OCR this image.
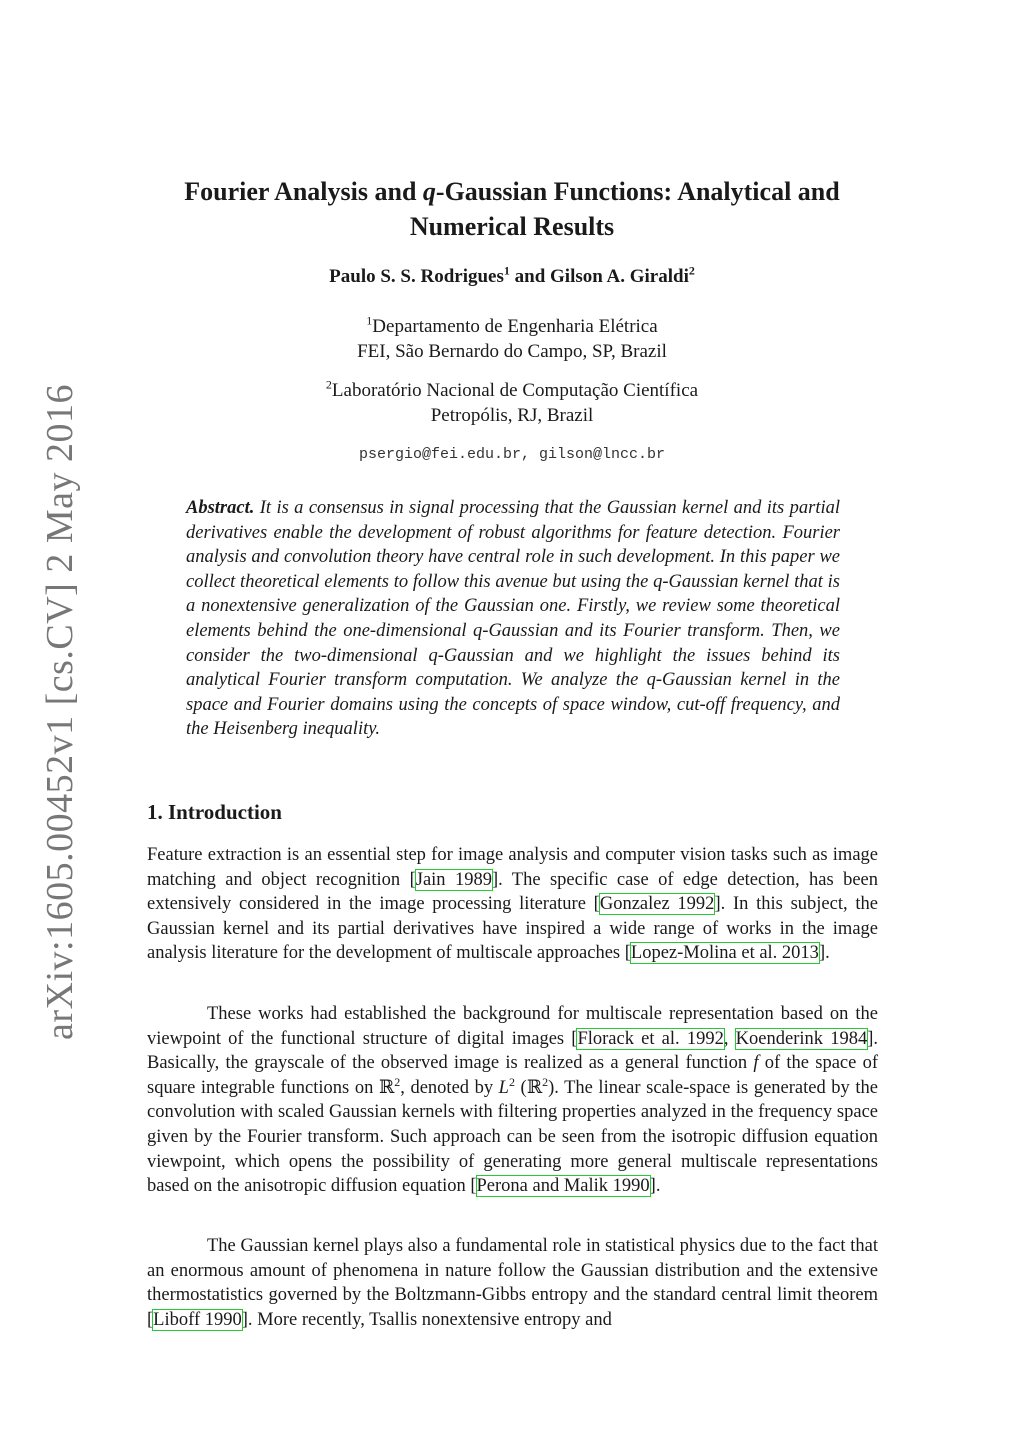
arXiv:1605.00452v1 [cs.CV] 2 May 2016
Fourier Analysis and q-Gaussian Functions: Analytical and Numerical Results
Paulo S. S. Rodrigues$^1$ and Gilson A. Giraldi$^2$
$^1$Departamento de Engenharia Elétrica
FEI, São Bernardo do Campo, SP, Brazil
$^2$Laboratório Nacional de Computação Científica
Petropólis, RJ, Brazil
psergio@fei.edu.br, gilson@lncc.br
Abstract. It is a consensus in signal processing that the Gaussian kernel and its partial derivatives enable the development of robust algorithms for feature detection. Fourier analysis and convolution theory have central role in such development. In this paper we collect theoretical elements to follow this avenue but using the q-Gaussian kernel that is a nonextensive generalization of the Gaussian one. Firstly, we review some theoretical elements behind the one-dimensional q-Gaussian and its Fourier transform. Then, we consider the two-dimensional q-Gaussian and we highlight the issues behind its analytical Fourier transform computation. We analyze the q-Gaussian kernel in the space and Fourier domains using the concepts of space window, cut-off frequency, and the Heisenberg inequality.
1. Introduction
Feature extraction is an essential step for image analysis and computer vision tasks such as image matching and object recognition [Jain 1989]. The specific case of edge detection, has been extensively considered in the image processing literature [Gonzalez 1992]. In this subject, the Gaussian kernel and its partial derivatives have inspired a wide range of works in the image analysis literature for the development of multiscale approaches [Lopez-Molina et al. 2013].
These works had established the background for multiscale representation based on the viewpoint of the functional structure of digital images [Florack et al. 1992, Koenderink 1984]. Basically, the grayscale of the observed image is realized as a general function f of the space of square integrable functions on ℝ$^2$, denoted by $L^2$ (ℝ$^2$). The linear scale-space is generated by the convolution with scaled Gaussian kernels with filtering properties analyzed in the frequency space given by the Fourier transform. Such approach can be seen from the isotropic diffusion equation viewpoint, which opens the possibility of generating more general multiscale representations based on the anisotropic diffusion equation [Perona and Malik 1990].
The Gaussian kernel plays also a fundamental role in statistical physics due to the fact that an enormous amount of phenomena in nature follow the Gaussian distribution and the extensive thermostatistics governed by the Boltzmann-Gibbs entropy and the standard central limit theorem [Liboff 1990]. More recently, Tsallis nonextensive entropy and
